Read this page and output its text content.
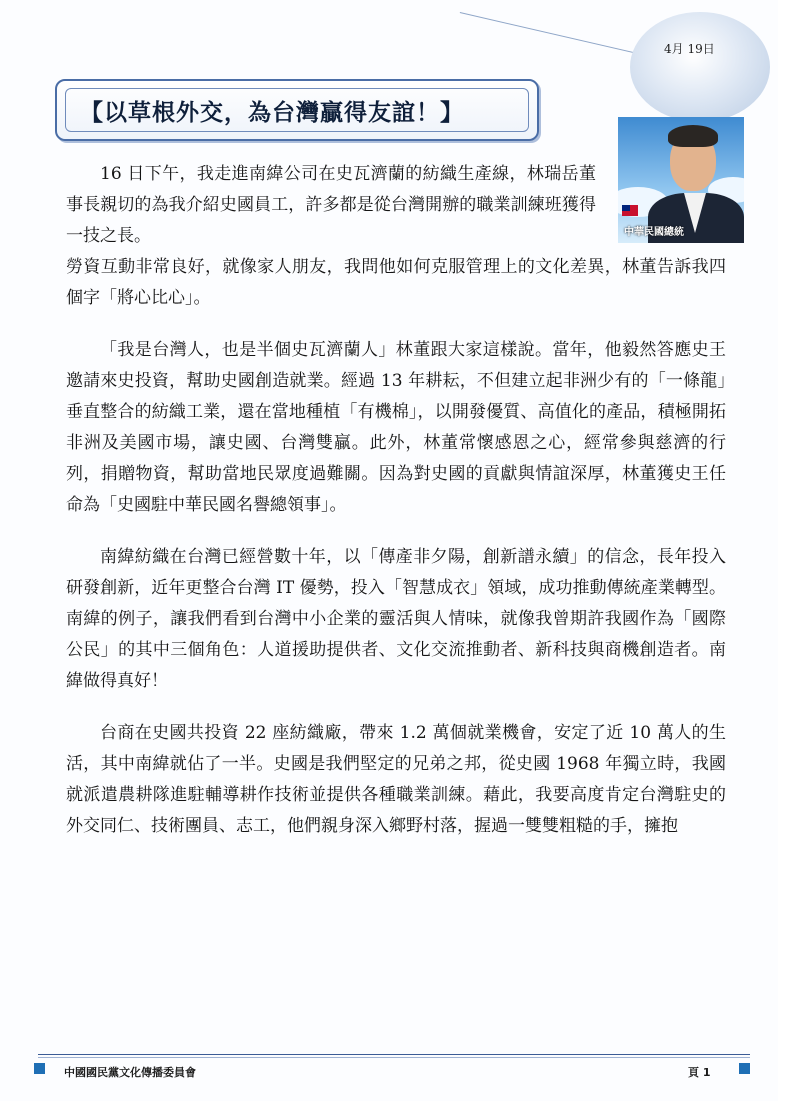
4月 19日
【以草根外交，為台灣贏得友誼！】
中華民國總統

16 日下午，我走進南緯公司在史瓦濟蘭的紡織生產線，林瑞岳董事長親切的為我介紹史國員工，許多都是從台灣開辦的職業訓練班獲得一技之長。

勞資互動非常良好，就像家人朋友，我問他如何克服管理上的文化差異，林董告訴我四個字「將心比心」。

「我是台灣人，也是半個史瓦濟蘭人」林董跟大家這樣說。當年，他毅然答應史王邀請來史投資，幫助史國創造就業。經過 13 年耕耘，不但建立起非洲少有的「一條龍」垂直整合的紡織工業，還在當地種植「有機棉」，以開發優質、高值化的產品，積極開拓非洲及美國市場，讓史國、台灣雙贏。此外，林董常懷感恩之心，經常參與慈濟的行列，捐贈物資，幫助當地民眾度過難關。因為對史國的貢獻與情誼深厚，林董獲史王任命為「史國駐中華民國名譽總領事」。

南緯紡織在台灣已經營數十年，以「傳產非夕陽，創新譜永續」的信念，長年投入研發創新，近年更整合台灣 IT 優勢，投入「智慧成衣」領域，成功推動傳統產業轉型。南緯的例子，讓我們看到台灣中小企業的靈活與人情味，就像我曾期許我國作為「國際公民」的其中三個角色：人道援助提供者、文化交流推動者、新科技與商機創造者。南緯做得真好！

台商在史國共投資 22 座紡織廠，帶來 1.2 萬個就業機會，安定了近 10 萬人的生活，其中南緯就佔了一半。史國是我們堅定的兄弟之邦，從史國 1968 年獨立時，我國就派遣農耕隊進駐輔導耕作技術並提供各種職業訓練。藉此，我要高度肯定台灣駐史的外交同仁、技術團員、志工，他們親身深入鄉野村落，握過一雙雙粗糙的手，擁抱

中國國民黨文化傳播委員會	頁 1
